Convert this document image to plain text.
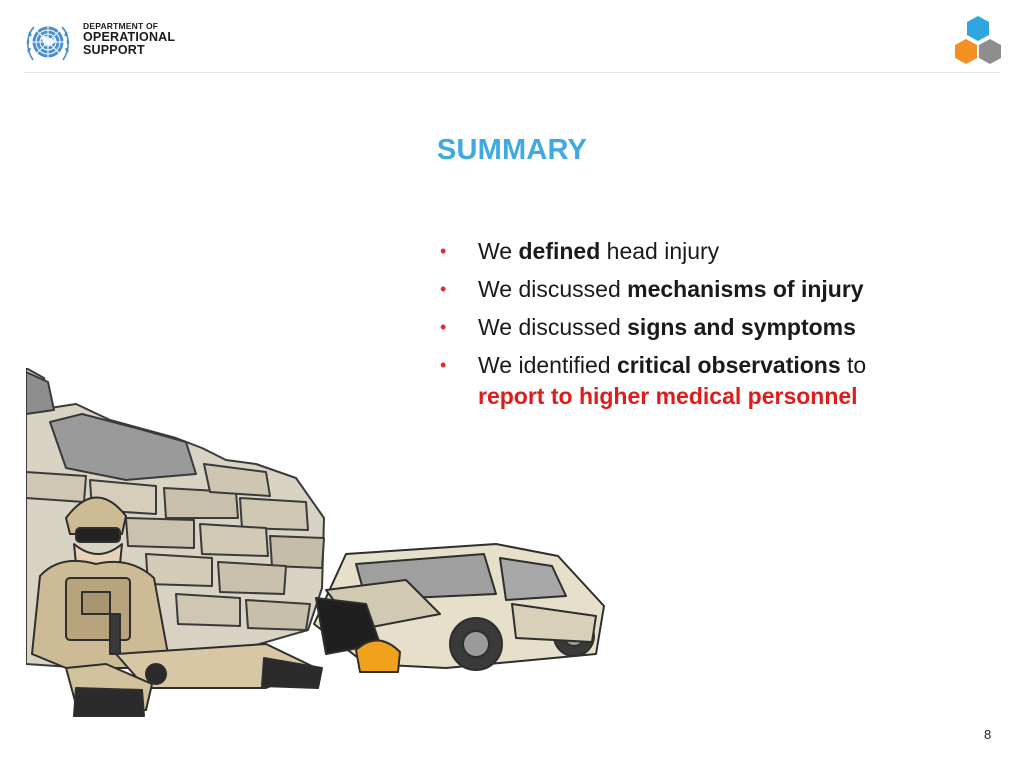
DEPARTMENT OF
OPERATIONAL
SUPPORT
SUMMARY
• We defined head injury
• We discussed mechanisms of injury
• We discussed signs and symptoms
• We identified critical observations to
report to higher medical personnel
8
